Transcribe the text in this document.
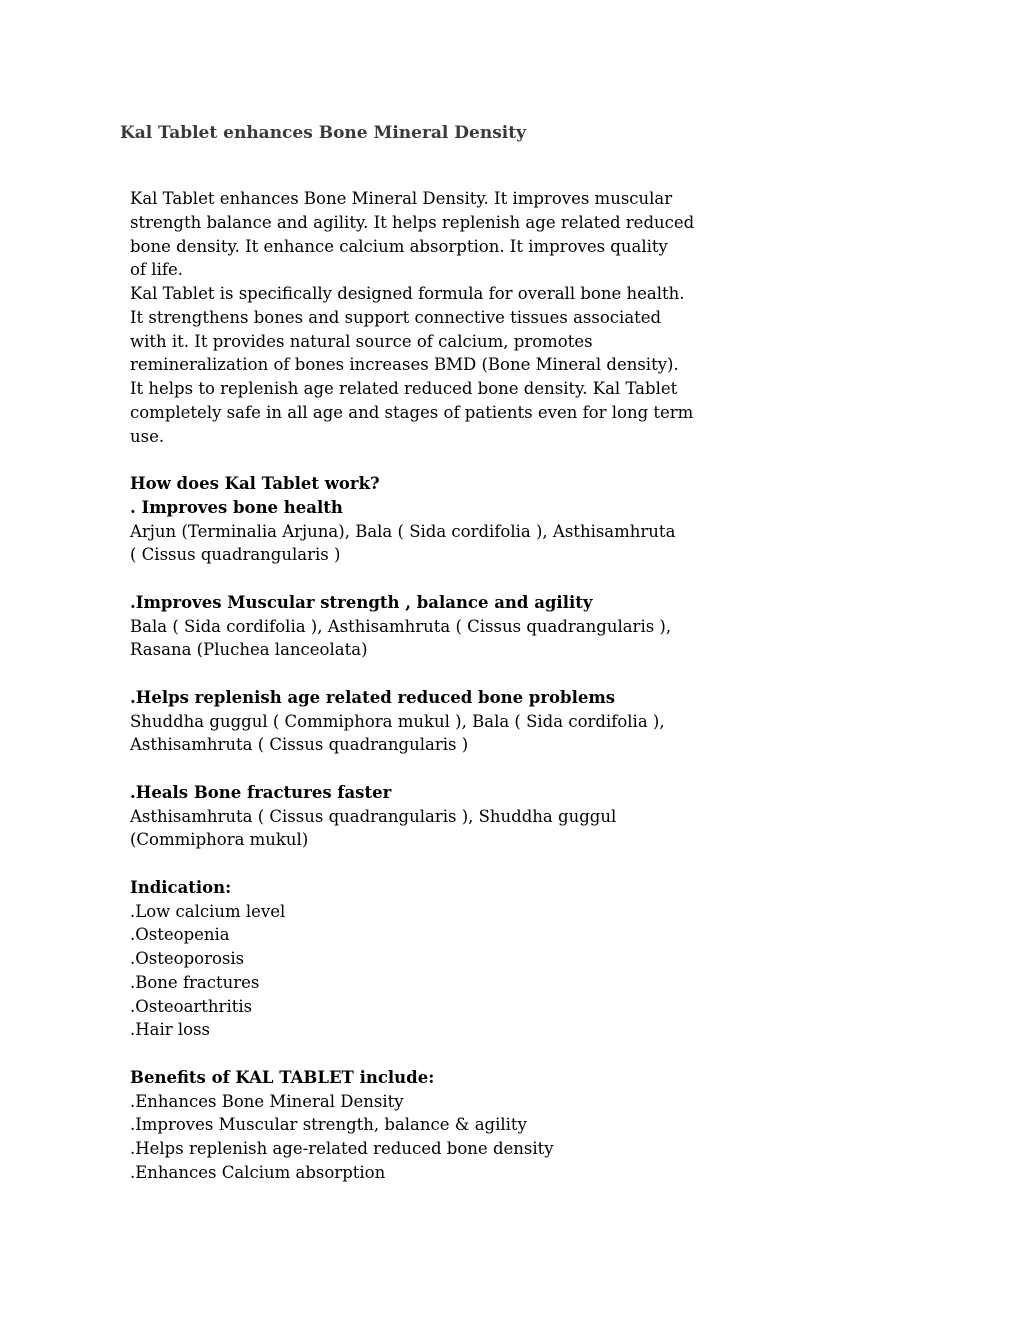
Kal Tablet enhances Bone Mineral Density
Kal Tablet enhances Bone Mineral Density. It improves muscular
strength balance and agility. It helps replenish age related reduced
bone density. It enhance calcium absorption. It improves quality
of life.
Kal Tablet is specifically designed formula for overall bone health.
It strengthens bones and support connective tissues associated
with it. It provides natural source of calcium, promotes
remineralization of bones increases BMD (Bone Mineral density).
It helps to replenish age related reduced bone density. Kal Tablet
completely safe in all age and stages of patients even for long term
use.
How does Kal Tablet work?
. Improves bone health
Arjun (Terminalia Arjuna), Bala ( Sida cordifolia ), Asthisamhruta
( Cissus quadrangularis )
.Improves Muscular strength , balance and agility
Bala ( Sida cordifolia ), Asthisamhruta ( Cissus quadrangularis ),
Rasana (Pluchea lanceolata)
.Helps replenish age related reduced bone problems
Shuddha guggul ( Commiphora mukul ), Bala ( Sida cordifolia ),
Asthisamhruta ( Cissus quadrangularis )
.Heals Bone fractures faster
Asthisamhruta ( Cissus quadrangularis ), Shuddha guggul
(Commiphora mukul)
Indication:
.Low calcium level
.Osteopenia
.Osteoporosis
.Bone fractures
.Osteoarthritis
.Hair loss
Benefits of KAL TABLET include:
.Enhances Bone Mineral Density
.Improves Muscular strength, balance & agility
.Helps replenish age-related reduced bone density
.Enhances Calcium absorption
